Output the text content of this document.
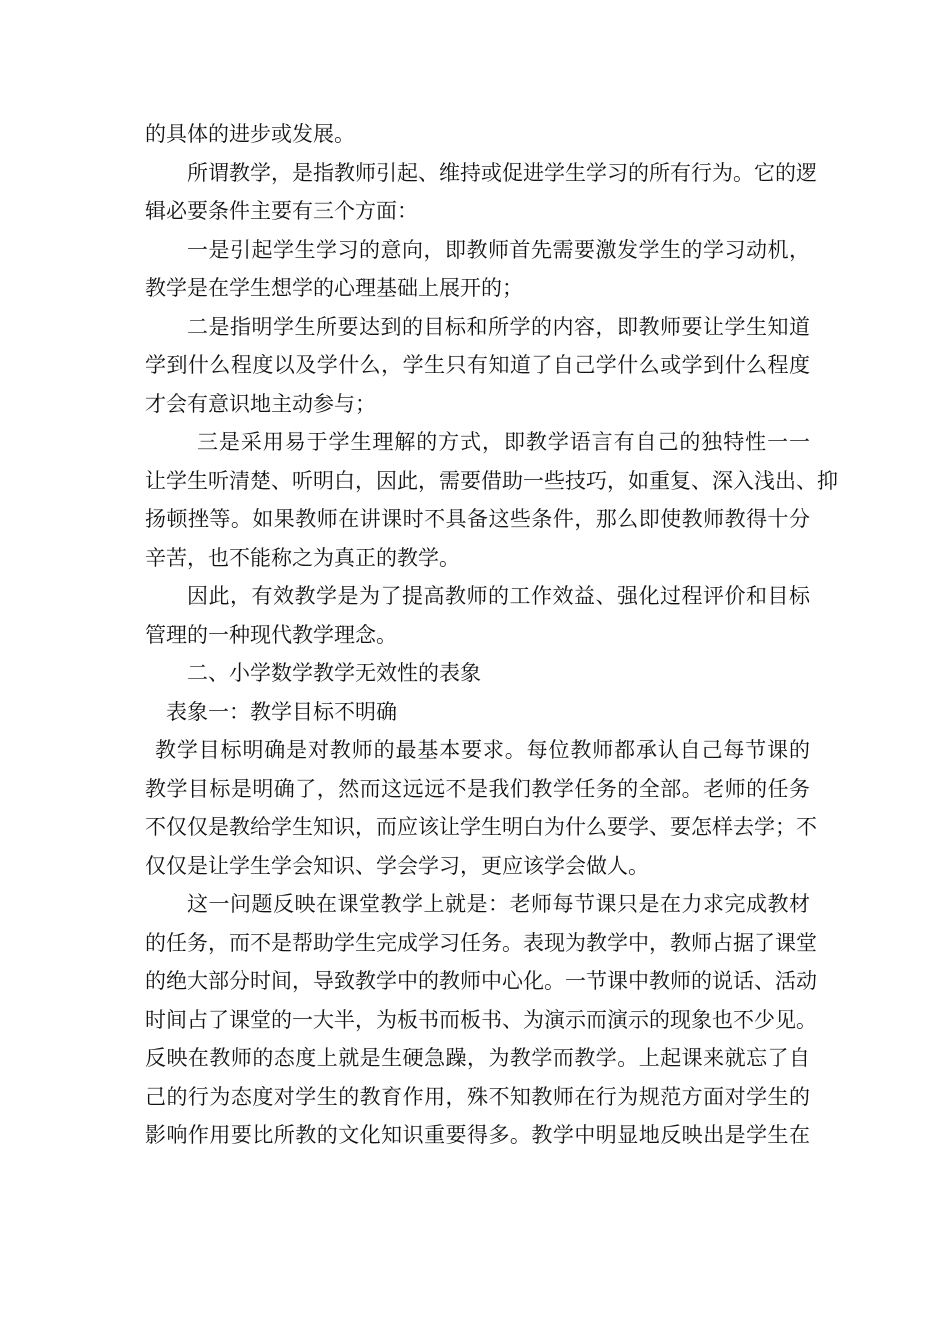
的具体的进步或发展。
所谓教学，是指教师引起、维持或促进学生学习的所有行为。它的逻
辑必要条件主要有三个方面：
一是引起学生学习的意向，即教师首先需要激发学生的学习动机，
教学是在学生想学的心理基础上展开的；
二是指明学生所要达到的目标和所学的内容，即教师要让学生知道
学到什么程度以及学什么，学生只有知道了自己学什么或学到什么程度
才会有意识地主动参与；
三是采用易于学生理解的方式，即教学语言有自己的独特性一一
让学生听清楚、听明白，因此，需要借助一些技巧，如重复、深入浅出、抑
扬顿挫等。如果教师在讲课时不具备这些条件，那么即使教师教得十分
辛苦，也不能称之为真正的教学。
因此，有效教学是为了提高教师的工作效益、强化过程评价和目标
管理的一种现代教学理念。
二、小学数学教学无效性的表象
表象一：教学目标不明确
教学目标明确是对教师的最基本要求。每位教师都承认自己每节课的
教学目标是明确了，然而这远远不是我们教学任务的全部。老师的任务
不仅仅是教给学生知识，而应该让学生明白为什么要学、要怎样去学；不
仅仅是让学生学会知识、学会学习，更应该学会做人。
这一问题反映在课堂教学上就是：老师每节课只是在力求完成教材
的任务，而不是帮助学生完成学习任务。表现为教学中，教师占据了课堂
的绝大部分时间，导致教学中的教师中心化。一节课中教师的说话、活动
时间占了课堂的一大半，为板书而板书、为演示而演示的现象也不少见。
反映在教师的态度上就是生硬急躁，为教学而教学。上起课来就忘了自
己的行为态度对学生的教育作用，殊不知教师在行为规范方面对学生的
影响作用要比所教的文化知识重要得多。教学中明显地反映出是学生在
